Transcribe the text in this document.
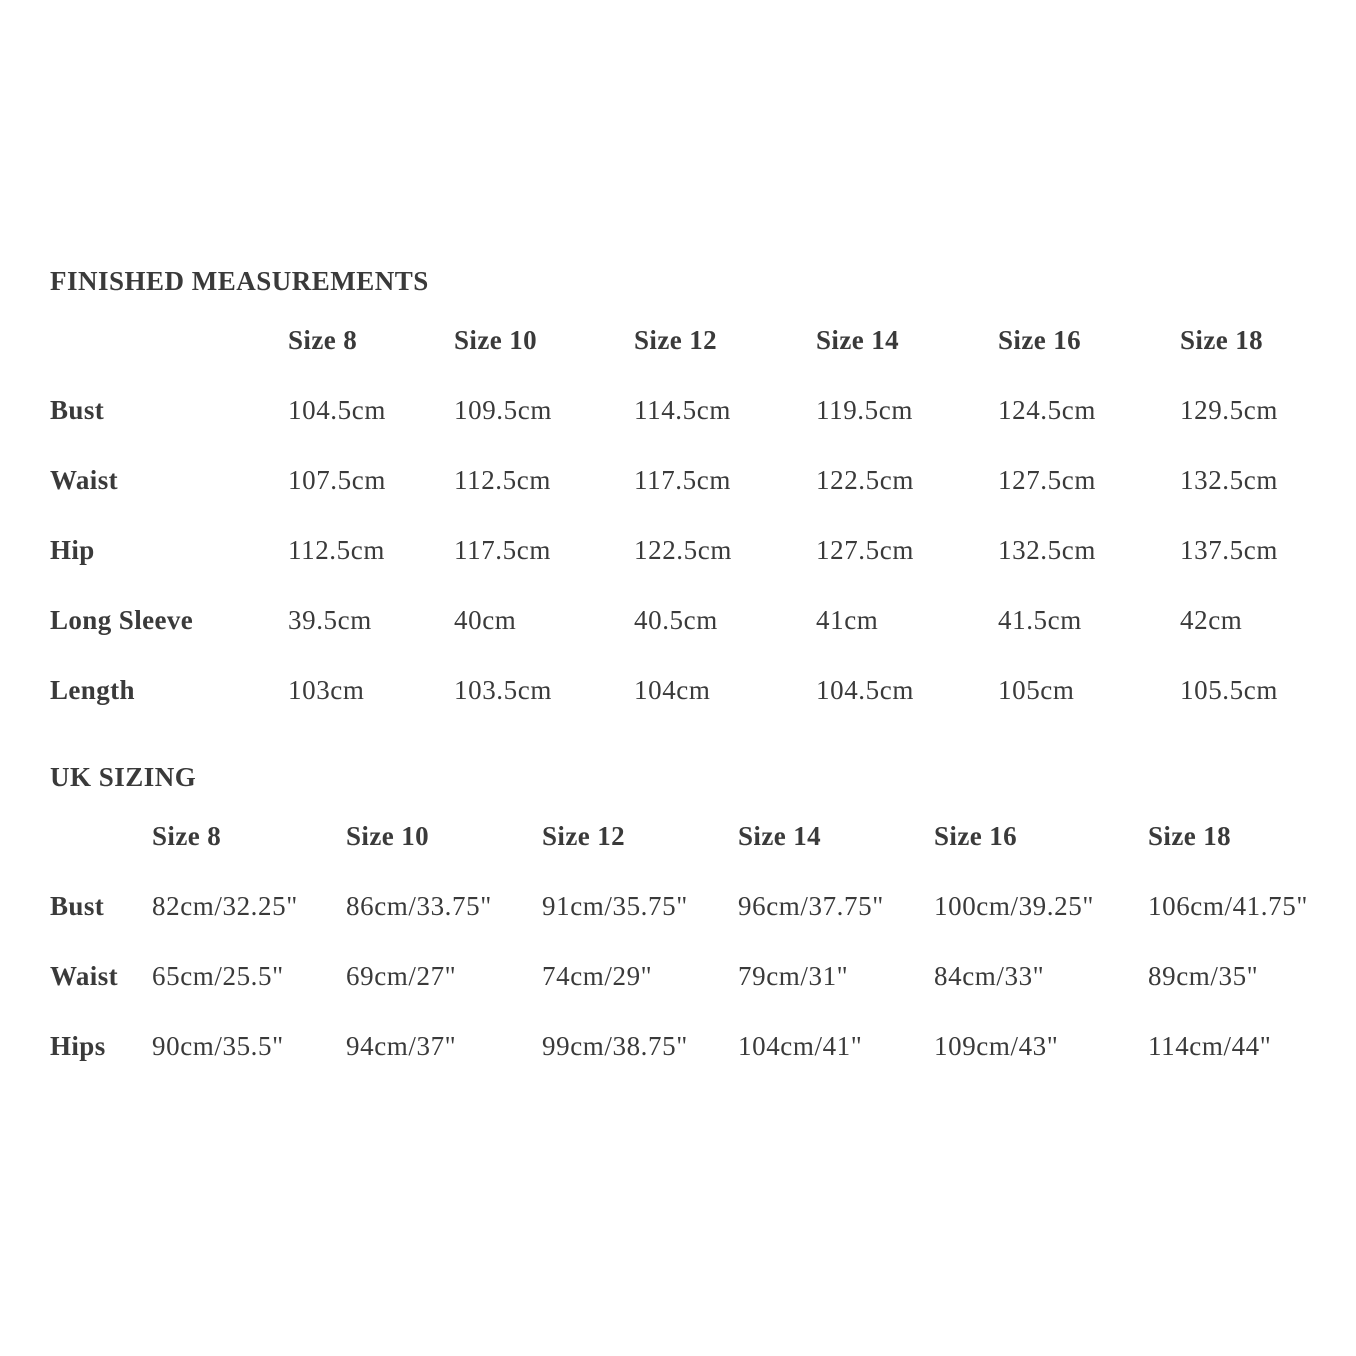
FINISHED MEASUREMENTS
Size 8	Size 10	Size 12	Size 14	Size 16	Size 18
Bust	104.5cm	109.5cm	114.5cm	119.5cm	124.5cm	129.5cm
Waist	107.5cm	112.5cm	117.5cm	122.5cm	127.5cm	132.5cm
Hip	112.5cm	117.5cm	122.5cm	127.5cm	132.5cm	137.5cm
Long Sleeve	39.5cm	40cm	40.5cm	41cm	41.5cm	42cm
Length	103cm	103.5cm	104cm	104.5cm	105cm	105.5cm
UK SIZING
Size 8	Size 10	Size 12	Size 14	Size 16	Size 18
Bust 82cm/32.25" 86cm/33.75" 91cm/35.75" 96cm/37.75" 100cm/39.25" 106cm/41.75"
Waist 65cm/25.5" 69cm/27"	74cm/29"	79cm/31"	84cm/33"	89cm/35"
Hips 90cm/35.5" 94cm/37"	99cm/38.75" 104cm/41"	109cm/43"	114cm/44"
